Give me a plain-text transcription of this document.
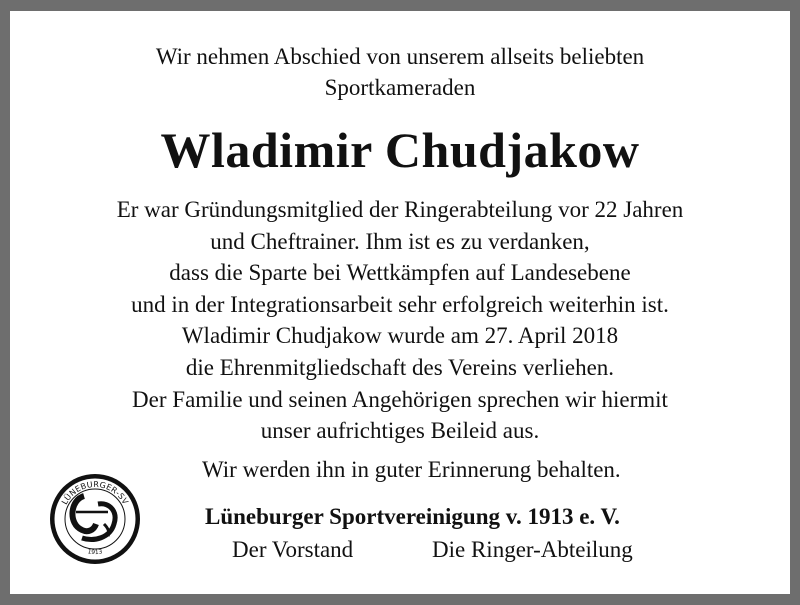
Wir nehmen Abschied von unserem allseits beliebten
Sportkameraden
Wladimir Chudjakow
Er war Gründungsmitglied der Ringerabteilung vor 22 Jahren
und Cheftrainer. Ihm ist es zu verdanken,
dass die Sparte bei Wettkämpfen auf Landesebene
und in der Integrationsarbeit sehr erfolgreich weiterhin ist.
Wladimir Chudjakow wurde am 27. April 2018
die Ehrenmitgliedschaft des Vereins verliehen.
Der Familie und seinen Angehörigen sprechen wir hiermit
unser aufrichtiges Beileid aus.
Wir werden ihn in guter Erinnerung behalten.
LÜNEBURGER-SV
1913
Lüneburger Sportvereinigung v. 1913 e. V.
Der Vorstand	Die Ringer-Abteilung
